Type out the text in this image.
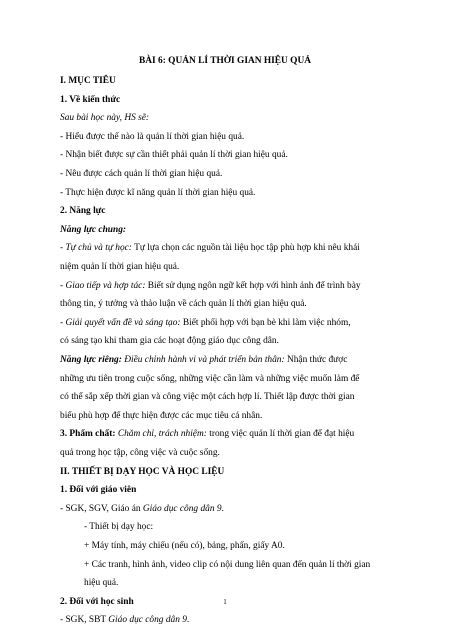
BÀI 6: QUẢN LÍ THỜI GIAN HIỆU QUẢ
I. MỤC TIÊU
1. Về kiến thức
Sau bài học này, HS sẽ:
- Hiểu được thế nào là quản lí thời gian hiệu quả.
- Nhận biết được sự cần thiết phải quản lí thời gian hiệu quả.
- Nêu được cách quản lí thời gian hiệu quả.
- Thực hiện được kĩ năng quản lí thời gian hiệu quả.
2. Năng lực
Năng lực chung:
- Tự chủ và tự học: Tự lựa chọn các nguồn tài liệu học tập phù hợp khi nêu khái
niệm quản lí thời gian hiệu quả.
- Giao tiếp và hợp tác: Biết sử dụng ngôn ngữ kết hợp với hình ảnh để trình bày
thông tin, ý tưởng và thảo luận về cách quản lí thời gian hiệu quả.
- Giải quyết vấn đề và sáng tạo: Biết phối hợp với bạn bè khi làm việc nhóm,
có sáng tạo khi tham gia các hoạt động giáo dục công dân.
Năng lực riêng: Điều chỉnh hành vi và phát triển bản thân: Nhận thức được
những ưu tiên trong cuộc sống, những việc cần làm và những việc muốn làm để
có thể sắp xếp thời gian và công việc một cách hợp lí. Thiết lập được thời gian
biểu phù hợp để thực hiện được các mục tiêu cá nhân.
3. Phẩm chất: Chăm chỉ, trách nhiệm: trong việc quản lí thời gian để đạt hiệu
quả trong học tập, công việc và cuộc sống.
II. THIẾT BỊ DẠY HỌC VÀ HỌC LIỆU
1. Đối với giáo viên
- SGK, SGV, Giáo án Giáo dục công dân 9.
- Thiết bị dạy học:
+ Máy tính, máy chiếu (nếu có), bảng, phấn, giấy A0.
+ Các tranh, hình ảnh, video clip có nội dung liên quan đến quản lí thời gian
hiệu quả.
2. Đối với học sinh
- SGK, SBT Giáo dục công dân 9.
1
